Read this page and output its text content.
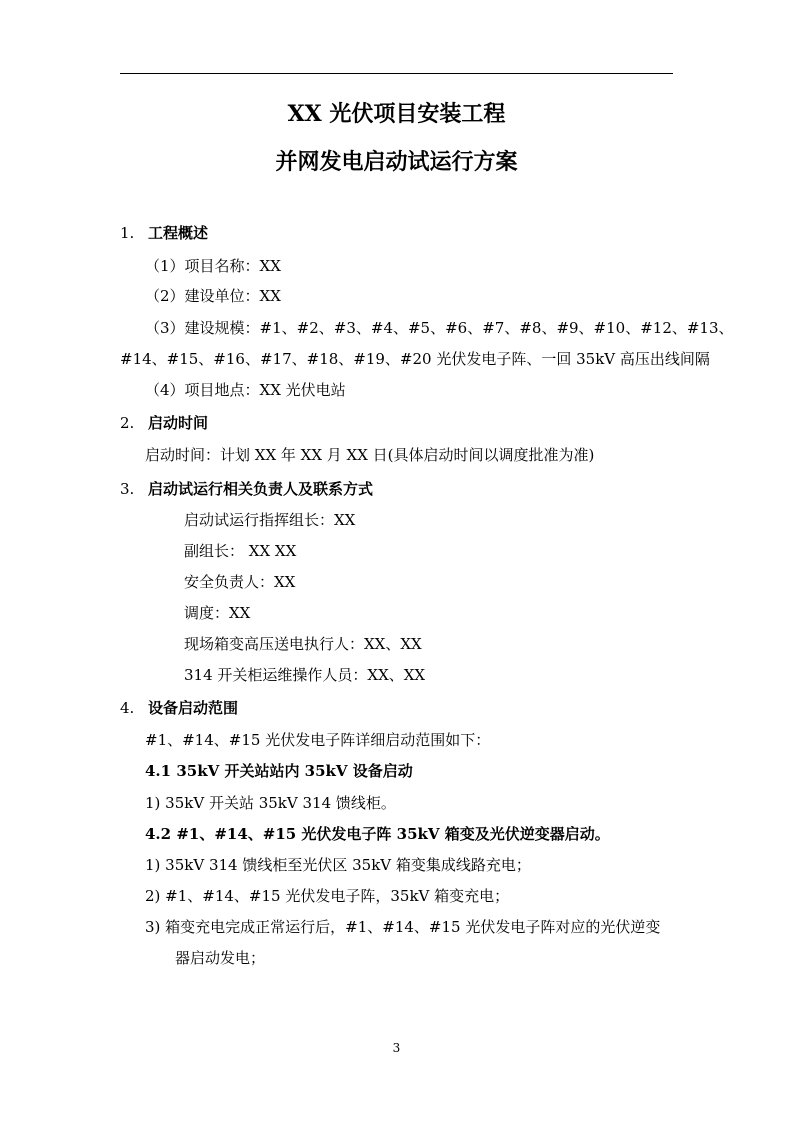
XX 光伏项目安装工程
并网发电启动试运行方案
1. 工程概述
（1）项目名称：XX
（2）建设单位：XX
（3）建设规模：#1、#2、#3、#4、#5、#6、#7、#8、#9、#10、#12、#13、
#14、#15、#16、#17、#18、#19、#20 光伏发电子阵、一回 35kV 高压出线间隔
（4）项目地点：XX 光伏电站
2. 启动时间
启动时间：计划 XX 年 XX 月 XX 日(具体启动时间以调度批准为准)
3. 启动试运行相关负责人及联系方式
启动试运行指挥组长：XX
副组长： XX XX
安全负责人：XX
调度：XX
现场箱变高压送电执行人：XX、XX
314 开关柜运维操作人员：XX、XX
4. 设备启动范围
#1、#14、#15 光伏发电子阵详细启动范围如下：
4.1 35kV 开关站站内 35kV 设备启动
1) 35kV 开关站 35kV 314 馈线柜。
4.2 #1、#14、#15 光伏发电子阵 35kV 箱变及光伏逆变器启动。
1) 35kV 314 馈线柜至光伏区 35kV 箱变集成线路充电；
2) #1、#14、#15 光伏发电子阵，35kV 箱变充电；
3) 箱变充电完成正常运行后，#1、#14、#15 光伏发电子阵对应的光伏逆变
器启动发电；
3
